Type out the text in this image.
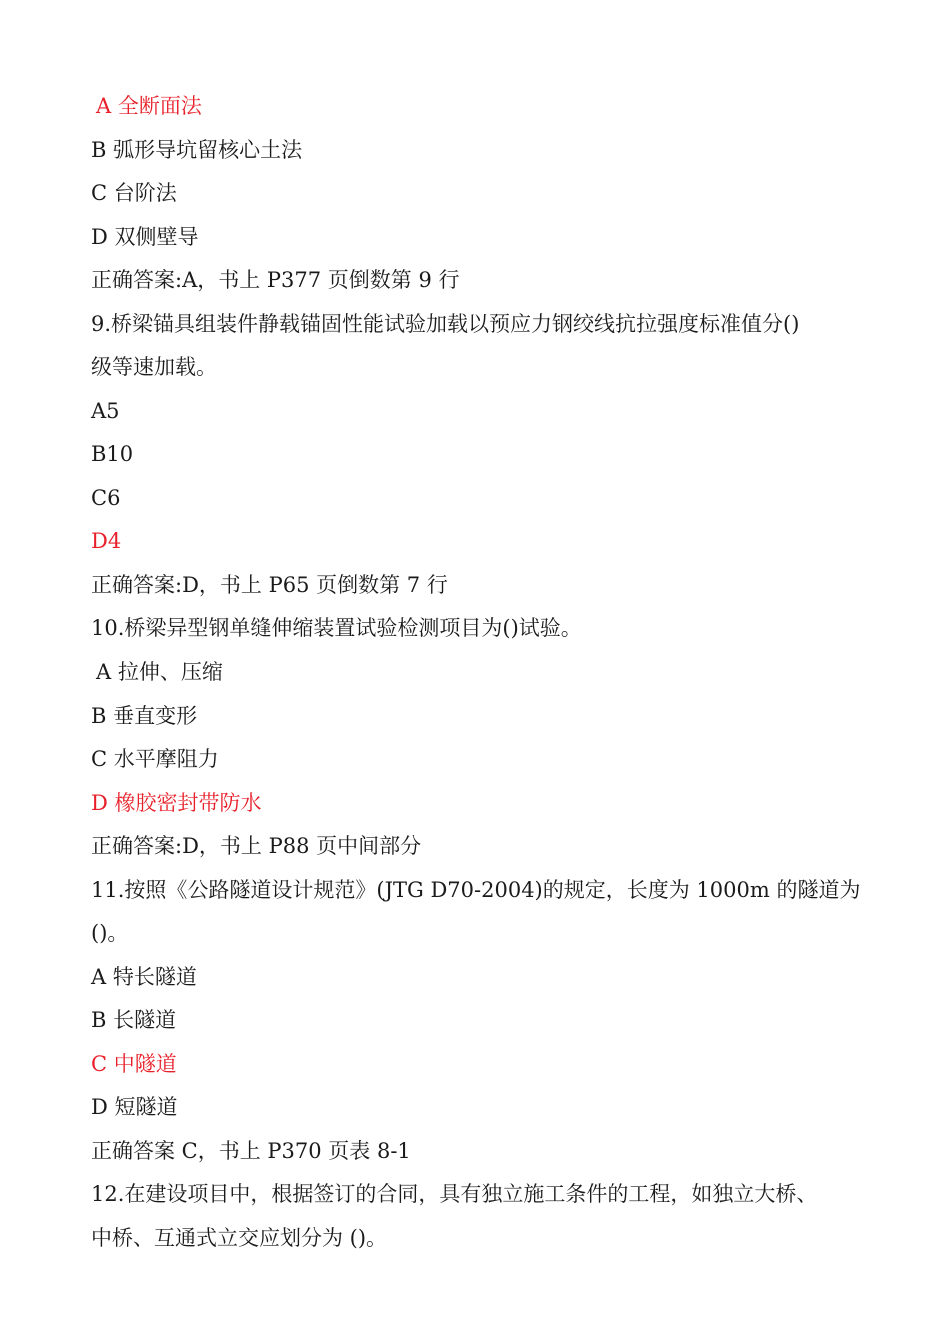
A 全断面法
B 弧形导坑留核心土法
C 台阶法
D 双侧壁导
正确答案:A，书上 P377 页倒数第 9 行
9.桥梁锚具组装件静载锚固性能试验加载以预应力钢绞线抗拉强度标准值分()
级等速加载。
A5
B10
C6
D4
正确答案:D，书上 P65 页倒数第 7 行
10.桥梁异型钢单缝伸缩装置试验检测项目为()试验。
A 拉伸、压缩
B 垂直变形
C 水平摩阻力
D 橡胶密封带防水
正确答案:D，书上 P88 页中间部分
11.按照《公路隧道设计规范》(JTG D70-2004)的规定，长度为 1000m 的隧道为
()。
A 特长隧道
B 长隧道
C 中隧道
D 短隧道
正确答案 C，书上 P370 页表 8-1
12.在建设项目中，根据签订的合同，具有独立施工条件的工程，如独立大桥、
中桥、互通式立交应划分为 ()。
